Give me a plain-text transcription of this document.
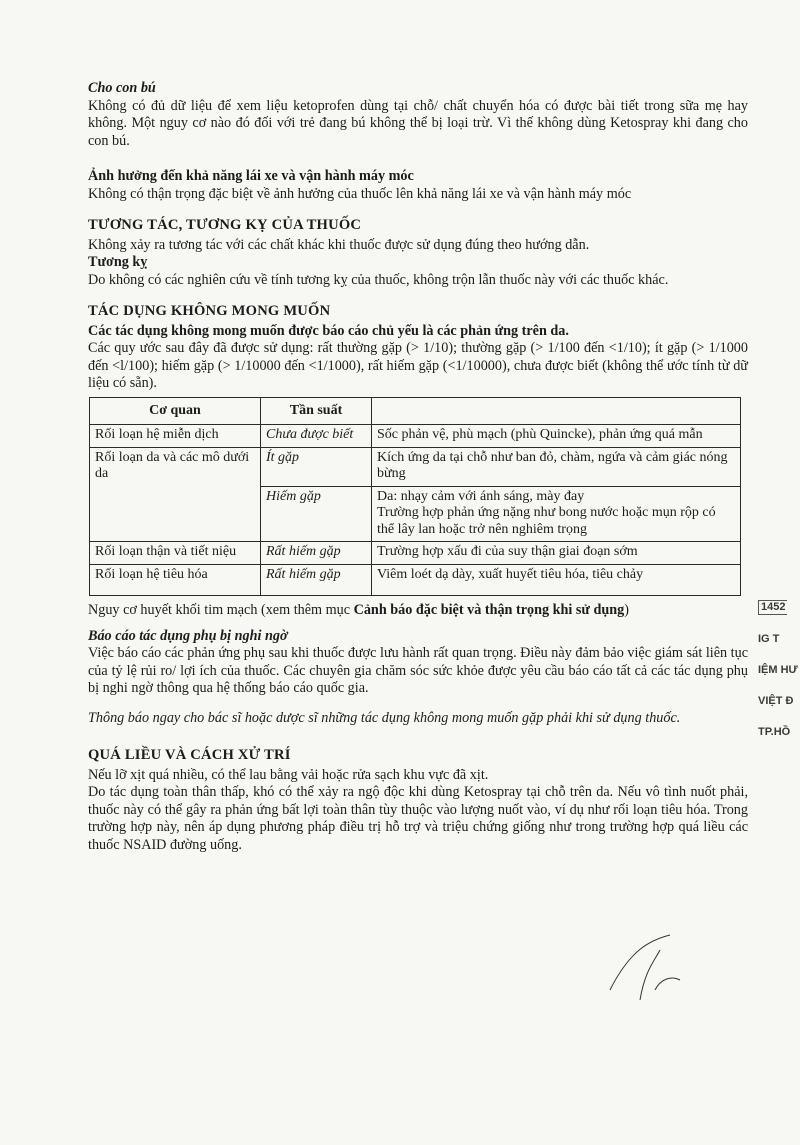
Cho con bú

Không có đủ dữ liệu để xem liệu ketoprofen dùng tại chỗ/ chất chuyển hóa có được bài tiết trong sữa mẹ hay không. Một nguy cơ nào đó đối với trẻ đang bú không thể bị loại trừ. Vì thế không dùng Ketospray khi đang cho con bú.

Ảnh hưởng đến khả năng lái xe và vận hành máy móc

Không có thận trọng đặc biệt về ảnh hưởng của thuốc lên khả năng lái xe và vận hành máy móc

TƯƠNG TÁC, TƯƠNG KỴ CỦA THUỐC

Không xảy ra tương tác với các chất khác khi thuốc được sử dụng đúng theo hướng dẫn.

Tương kỵ

Do không có các nghiên cứu về tính tương kỵ của thuốc, không trộn lẫn thuốc này với các thuốc khác.

TÁC DỤNG KHÔNG MONG MUỐN

Các tác dụng không mong muốn được báo cáo chủ yếu là các phản ứng trên da.

Các quy ước sau đây đã được sử dụng: rất thường gặp (> 1/10); thường gặp (> 1/100 đến <1/10); ít gặp (> 1/1000 đến <l/100); hiếm gặp (> 1/10000 đến <1/1000), rất hiếm gặp (<1/10000), chưa được biết (không thể ước tính từ dữ liệu có sẵn).

Cơ quan	Tần suất	
Rối loạn hệ miễn dịch	Chưa được biết	Sốc phản vệ, phù mạch (phù Quincke), phản ứng quá mẫn
Rối loạn da và các mô dưới da	Ít gặp	Kích ứng da tại chỗ như ban đỏ, chàm, ngứa và cảm giác nóng bừng
	Hiếm gặp	Da: nhạy cảm với ánh sáng, mày đay
Trường hợp phản ứng nặng như bong nước hoặc mụn rộp có thể lây lan hoặc trở nên nghiêm trọng
Rối loạn thận và tiết niệu	Rất hiếm gặp	Trường hợp xấu đi của suy thận giai đoạn sớm
Rối loạn hệ tiêu hóa	Rất hiếm gặp	Viêm loét dạ dày, xuất huyết tiêu hóa, tiêu chảy

Nguy cơ huyết khối tim mạch (xem thêm mục Cảnh báo đặc biệt và thận trọng khi sử dụng)

Báo cáo tác dụng phụ bị nghi ngờ

Việc báo cáo các phản ứng phụ sau khi thuốc được lưu hành rất quan trọng. Điều này đảm bảo việc giám sát liên tục của tỷ lệ rủi ro/ lợi ích của thuốc. Các chuyên gia chăm sóc sức khỏe được yêu cầu báo cáo tất cả các tác dụng phụ bị nghi ngờ thông qua hệ thống báo cáo quốc gia.

Thông báo ngay cho bác sĩ hoặc dược sĩ những tác dụng không mong muốn gặp phải khi sử dụng thuốc.

QUÁ LIỀU VÀ CÁCH XỬ TRÍ

Nếu lỡ xịt quá nhiều, có thể lau bằng vải hoặc rửa sạch khu vực đã xịt.

Do tác dụng toàn thân thấp, khó có thể xảy ra ngộ độc khi dùng Ketospray tại chỗ trên da. Nếu vô tình nuốt phải, thuốc này có thể gây ra phản ứng bất lợi toàn thân tùy thuộc vào lượng nuốt vào, ví dụ như rối loạn tiêu hóa. Trong trường hợp này, nên áp dụng phương pháp điều trị hỗ trợ và triệu chứng giống như trong trường hợp quá liều các thuốc NSAID đường uống.

1452
IG T
IỆM HƯ
VIỆT Đ
TP.HỒ
